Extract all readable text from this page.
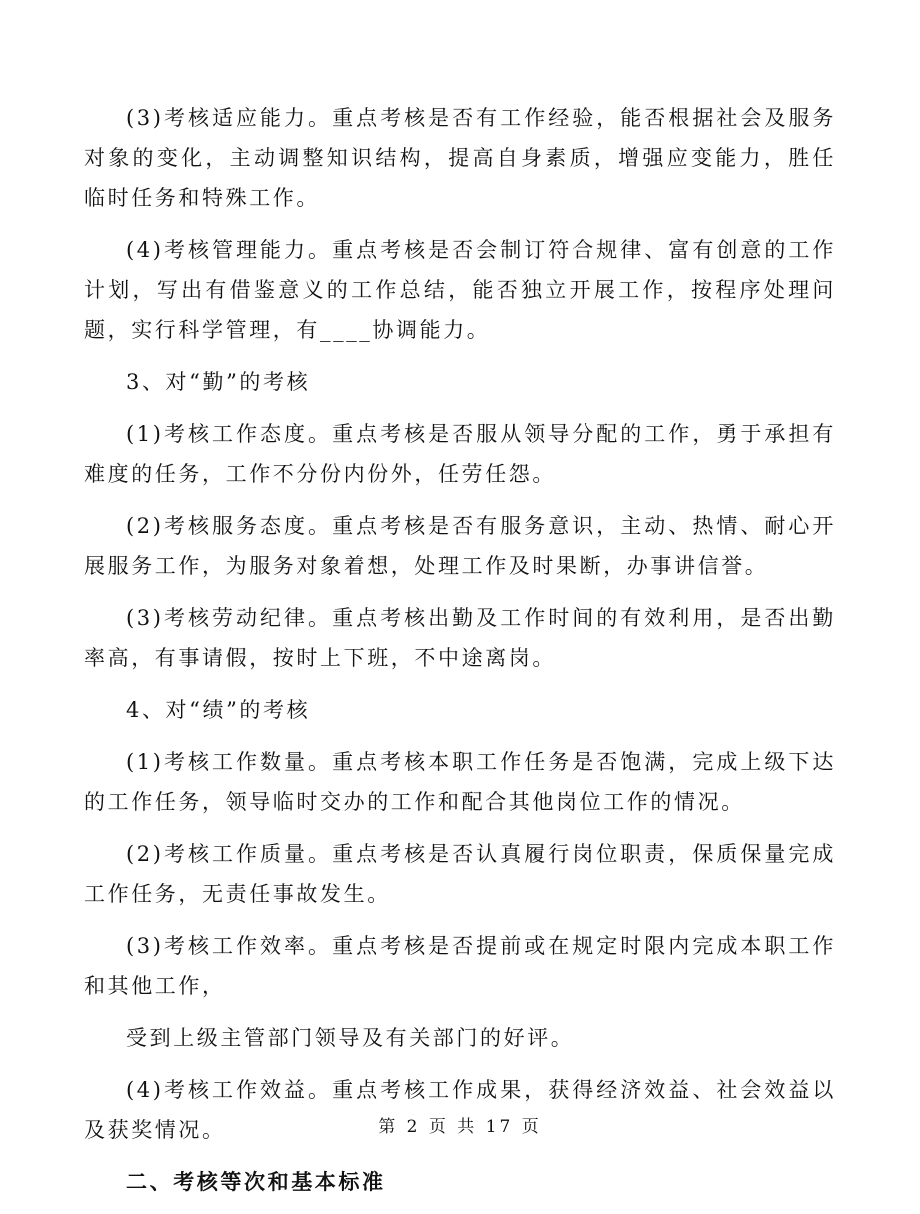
(3)考核适应能力。重点考核是否有工作经验，能否根据社会及服务对象的变化，主动调整知识结构，提高自身素质，增强应变能力，胜任临时任务和特殊工作。

(4)考核管理能力。重点考核是否会制订符合规律、富有创意的工作计划，写出有借鉴意义的工作总结，能否独立开展工作，按程序处理问题，实行科学管理，有____协调能力。

3、对“勤”的考核

(1)考核工作态度。重点考核是否服从领导分配的工作，勇于承担有难度的任务，工作不分份内份外，任劳任怨。

(2)考核服务态度。重点考核是否有服务意识，主动、热情、耐心开展服务工作，为服务对象着想，处理工作及时果断，办事讲信誉。

(3)考核劳动纪律。重点考核出勤及工作时间的有效利用，是否出勤率高，有事请假，按时上下班，不中途离岗。

4、对“绩”的考核

(1)考核工作数量。重点考核本职工作任务是否饱满，完成上级下达的工作任务，领导临时交办的工作和配合其他岗位工作的情况。

(2)考核工作质量。重点考核是否认真履行岗位职责，保质保量完成工作任务，无责任事故发生。

(3)考核工作效率。重点考核是否提前或在规定时限内完成本职工作和其他工作，

受到上级主管部门领导及有关部门的好评。

(4)考核工作效益。重点考核工作成果，获得经济效益、社会效益以及获奖情况。

二、考核等次和基本标准

第 2 页 共 17 页
